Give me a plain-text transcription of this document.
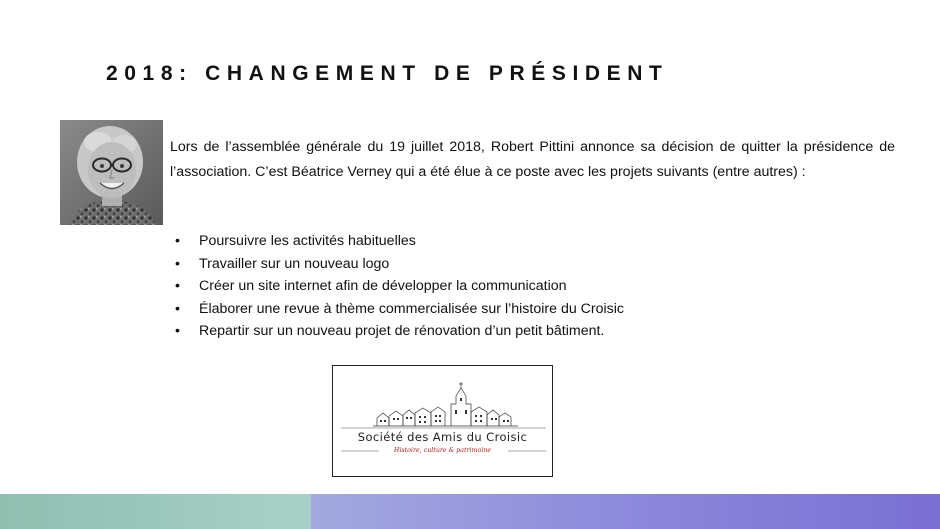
2018: CHANGEMENT DE PRÉSIDENT

Lors de l’assemblée générale du 19 juillet 2018, Robert Pittini annonce sa décision de quitter la présidence de l’association. C’est Béatrice Verney qui a été élue à ce poste avec les projets suivants (entre autres) :

• Poursuivre les activités habituelles
• Travailler sur un nouveau logo
• Créer un site internet afin de développer la communication
• Élaborer une revue à thème commercialisée sur l’histoire du Croisic
• Repartir sur un nouveau projet de rénovation d’un petit bâtiment.
Société des Amis du Croisic
Histoire, culture & patrimoine
